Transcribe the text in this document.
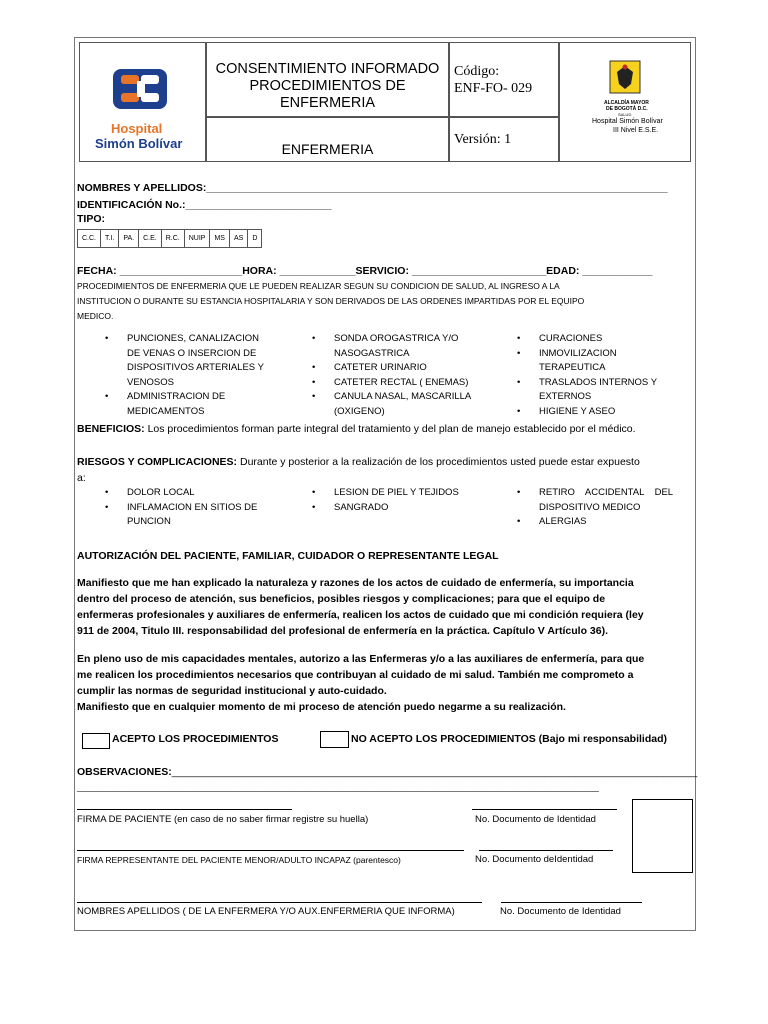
Hospital
Simón Bolívar
CONSENTIMIENTO INFORMADO
PROCEDIMIENTOS DE
ENFERMERIA
ENFERMERIA
Código:
ENF-FO- 029
Versión: 1
ALCALDÍA MAYOR
DE BOGOTÁ D.C.
SALUD
Hospital Simón Bolívar
III Nivel E.S.E.
NOMBRES Y APELLIDOS:_______________________________________________________________________________
IDENTIFICACIÓN No.:_________________________
TIPO:
C.C.	T.I.	PA.	C.E.	R.C.	NUIP	MS	AS	D
FECHA: _____________________HORA: _____________SERVICIO: _______________________EDAD: ____________
PROCEDIMIENTOS DE ENFERMERIA QUE LE PUEDEN REALIZAR SEGUN SU CONDICION DE SALUD, AL INGRESO A LA
INSTITUCION O DURANTE SU ESTANCIA HOSPITALARIA Y SON DERIVADOS DE LAS ORDENES IMPARTIDAS POR EL EQUIPO
MEDICO.
• PUNCIONES, CANALIZACION
DE VENAS O INSERCION DE
DISPOSITIVOS ARTERIALES Y
VENOSOS
• ADMINISTRACION DE
MEDICAMENTOS
• SONDA OROGASTRICA Y/O
NASOGASTRICA
• CATETER URINARIO
• CATETER RECTAL ( ENEMAS)
• CANULA NASAL, MASCARILLA
(OXIGENO)
• CURACIONES
• INMOVILIZACION
TERAPEUTICA
• TRASLADOS INTERNOS Y
EXTERNOS
• HIGIENE Y ASEO
BENEFICIOS: Los procedimientos forman parte integral del tratamiento y del plan de manejo establecido por el médico.
RIESGOS Y COMPLICACIONES: Durante y posterior a la realización de los procedimientos usted puede estar expuesto
a:
• DOLOR LOCAL
• INFLAMACION EN SITIOS DE
PUNCION
• LESION DE PIEL Y TEJIDOS
• SANGRADO
• RETIRO    ACCIDENTAL    DEL
DISPOSITIVO MEDICO
• ALERGIAS
AUTORIZACIÓN DEL PACIENTE, FAMILIAR, CUIDADOR O REPRESENTANTE LEGAL
Manifiesto que me han explicado la naturaleza y razones de los actos de cuidado de enfermería, su importancia
dentro del proceso de atención, sus beneficios, posibles riesgos y complicaciones; para que el equipo de
enfermeras profesionales y auxiliares de enfermería, realicen los actos de cuidado que mi condición requiera (ley
911 de 2004, Titulo III. responsabilidad del profesional de enfermería en la práctica. Capítulo V Artículo 36).
En pleno uso de mis capacidades mentales, autorizo a las Enfermeras y/o a las auxiliares de enfermería, para que
me realicen los procedimientos necesarios que contribuyan al cuidado de mi salud. También me comprometo a
cumplir las normas de seguridad institucional y auto-cuidado.
Manifiesto que en cualquier momento de mi proceso de atención puedo negarme a su realización.
ACEPTO LOS PROCEDIMIENTOS	NO ACEPTO LOS PROCEDIMIENTOS (Bajo mi responsabilidad)
OBSERVACIONES:__________________________________________________________________________________________
____________________________________________________________________________________________________________
FIRMA DE PACIENTE (en caso de no saber firmar registre su huella)	No. Documento de Identidad
FIRMA REPRESENTANTE DEL PACIENTE MENOR/ADULTO INCAPAZ (parentesco)	No. Documento deIdentidad
NOMBRES APELLIDOS ( DE LA ENFERMERA Y/O AUX.ENFERMERIA QUE INFORMA)	No. Documento de Identidad
